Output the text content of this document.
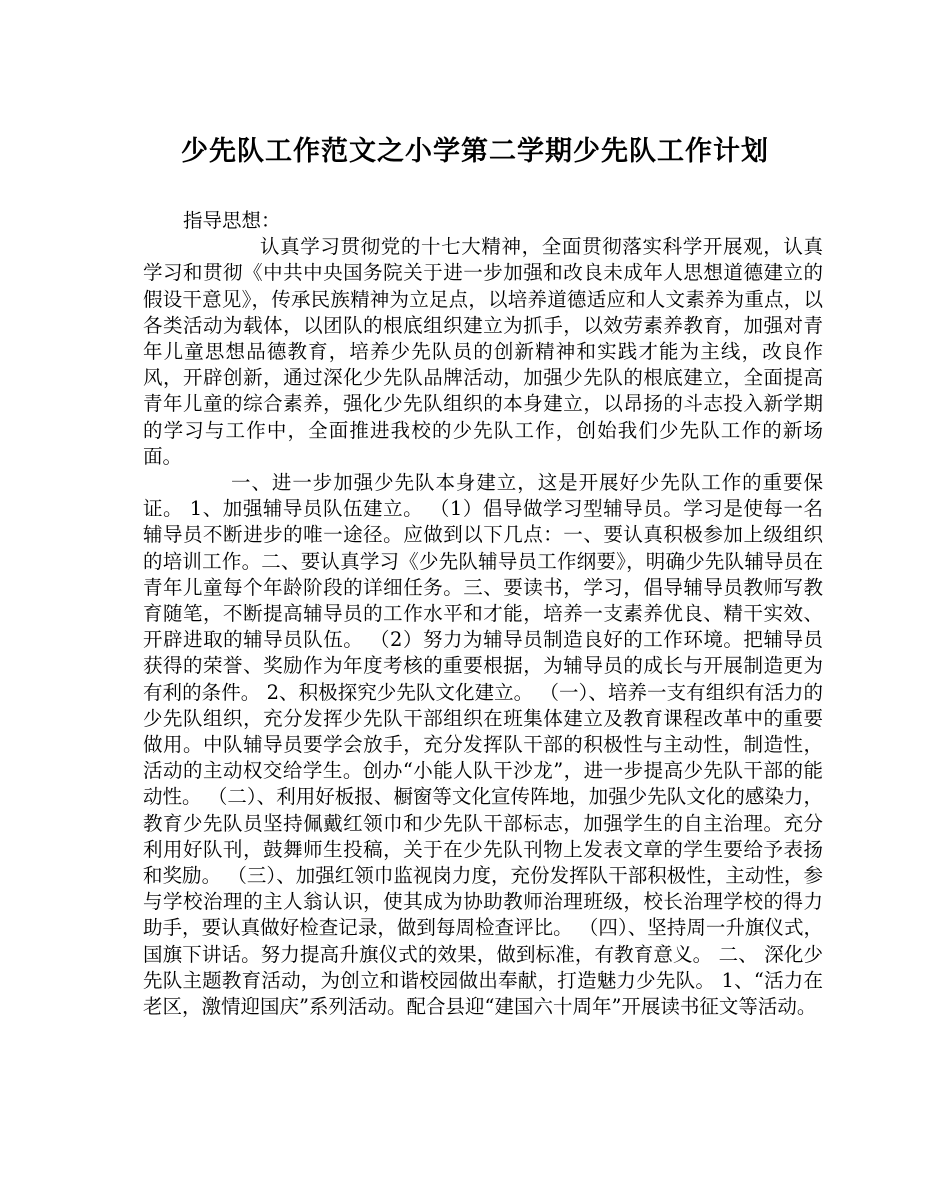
少先队工作范文之小学第二学期少先队工作计划

指导思想：

认真学习贯彻党的十七大精神，全面贯彻落实科学开展观，认真学习和贯彻《中共中央国务院关于进一步加强和改良未成年人思想道德建立的假设干意见》，传承民族精神为立足点，以培养道德适应和人文素养为重点，以各类活动为载体，以团队的根底组织建立为抓手，以效劳素养教育，加强对青年儿童思想品德教育，培养少先队员的创新精神和实践才能为主线，改良作风，开辟创新，通过深化少先队品牌活动，加强少先队的根底建立，全面提高青年儿童的综合素养，强化少先队组织的本身建立，以昂扬的斗志投入新学期的学习与工作中，全面推进我校的少先队工作，创始我们少先队工作的新场面。

一、进一步加强少先队本身建立，这是开展好少先队工作的重要保证。 1、加强辅导员队伍建立。 （1）倡导做学习型辅导员。学习是使每一名辅导员不断进步的唯一途径。应做到以下几点：一、要认真积极参加上级组织的培训工作。二、要认真学习《少先队辅导员工作纲要》，明确少先队辅导员在青年儿童每个年龄阶段的详细任务。三、要读书，学习，倡导辅导员教师写教育随笔，不断提高辅导员的工作水平和才能，培养一支素养优良、精干实效、开辟进取的辅导员队伍。 （2）努力为辅导员制造良好的工作环境。把辅导员获得的荣誉、奖励作为年度考核的重要根据，为辅导员的成长与开展制造更为有利的条件。 2、积极探究少先队文化建立。 （一）、培养一支有组织有活力的少先队组织，充分发挥少先队干部组织在班集体建立及教育课程改革中的重要做用。中队辅导员要学会放手，充分发挥队干部的积极性与主动性，制造性，活动的主动权交给学生。创办“小能人队干沙龙”，进一步提高少先队干部的能动性。 （二）、利用好板报、橱窗等文化宣传阵地，加强少先队文化的感染力，教育少先队员坚持佩戴红领巾和少先队干部标志，加强学生的自主治理。充分利用好队刊，鼓舞师生投稿，关于在少先队刊物上发表文章的学生要给予表扬和奖励。 （三）、加强红领巾监视岗力度，充份发挥队干部积极性，主动性，参与学校治理的主人翁认识，使其成为协助教师治理班级，校长治理学校的得力助手，要认真做好检查记录，做到每周检查评比。 （四）、坚持周一升旗仪式，国旗下讲话。努力提高升旗仪式的效果，做到标准，有教育意义。 二、 深化少先队主题教育活动，为创立和谐校园做出奉献，打造魅力少先队。 1、“活力在老区，激情迎国庆”系列活动。配合县迎“建国六十周年”开展读书征文等活动。
